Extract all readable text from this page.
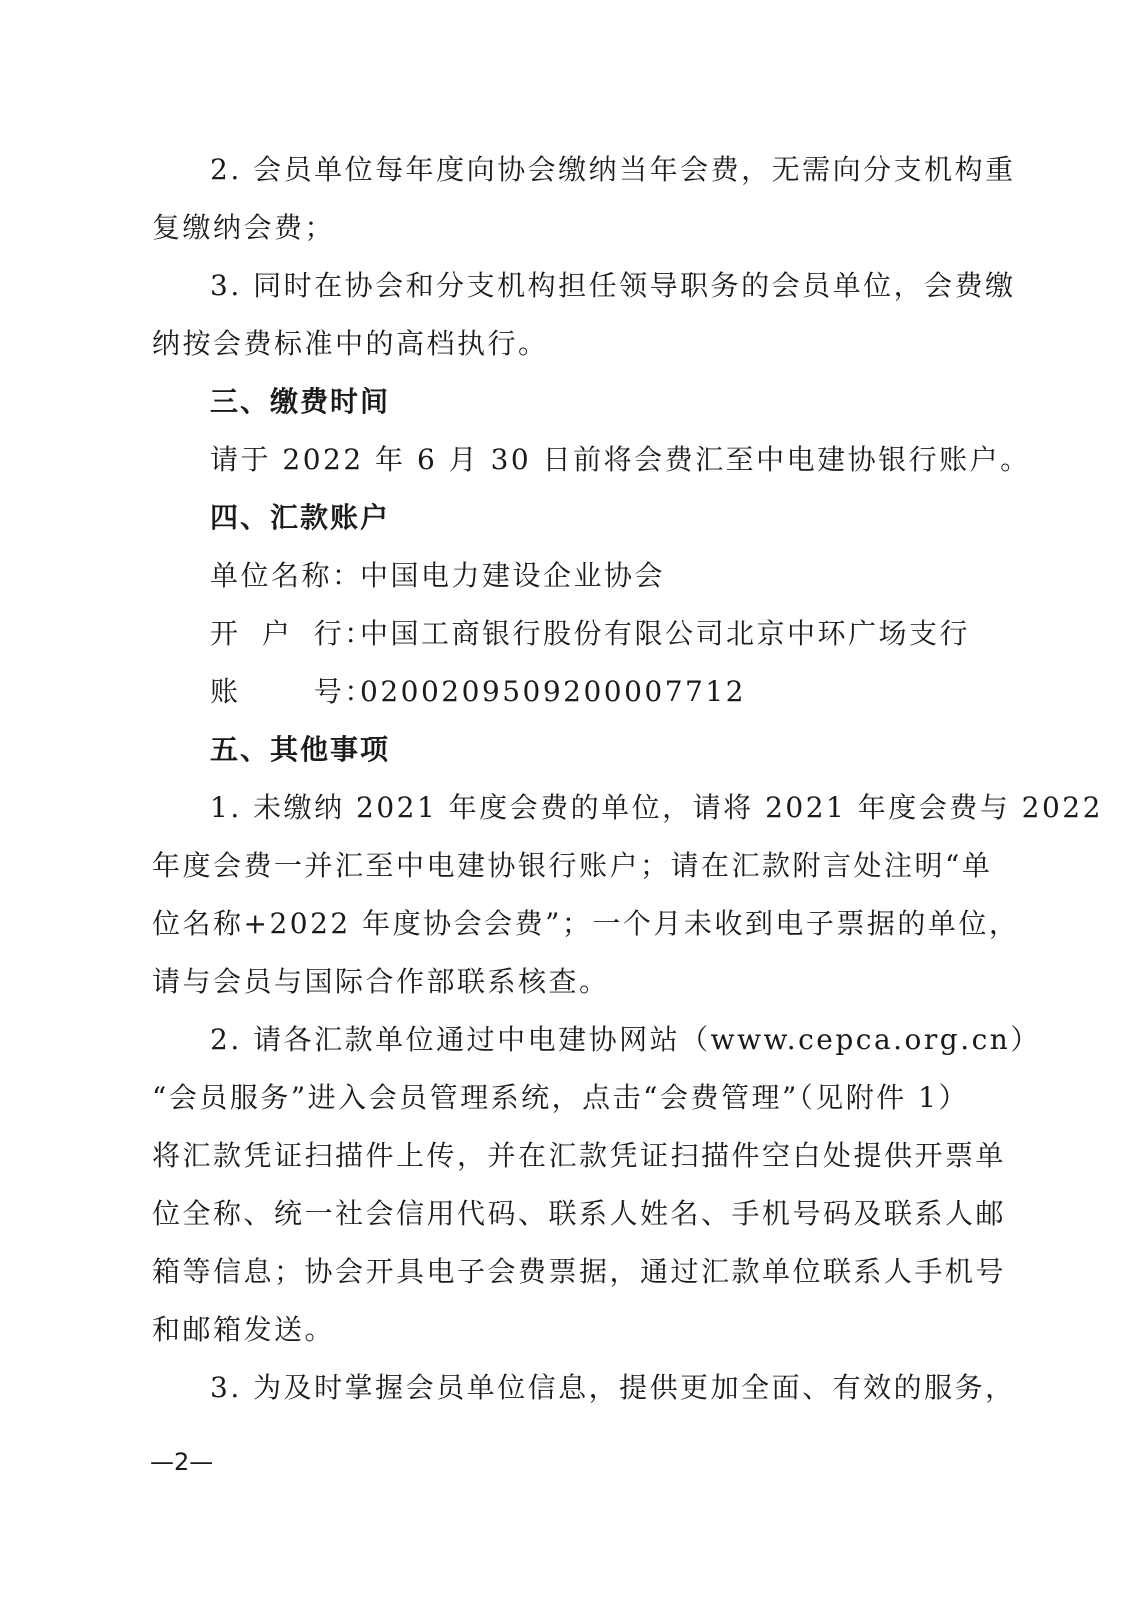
2. 会员单位每年度向协会缴纳当年会费，无需向分支机构重
复缴纳会费；
3. 同时在协会和分支机构担任领导职务的会员单位，会费缴
纳按会费标准中的高档执行。
三、缴费时间
请于 2022 年 6 月 30 日前将会费汇至中电建协银行账户。
四、汇款账户
单位名称：中国电力建设企业协会
开 户 行：中国工商银行股份有限公司北京中环广场支行
账 号：0200209509200007712
五、其他事项
1. 未缴纳 2021 年度会费的单位，请将 2021 年度会费与 2022
年度会费一并汇至中电建协银行账户；请在汇款附言处注明“单
位名称+2022 年度协会会费”；一个月未收到电子票据的单位，
请与会员与国际合作部联系核查。
2. 请各汇款单位通过中电建协网站（www.cepca.org.cn）
“会员服务”进入会员管理系统，点击“会费管理”（见附件 1）
将汇款凭证扫描件上传，并在汇款凭证扫描件空白处提供开票单
位全称、统一社会信用代码、联系人姓名、手机号码及联系人邮
箱等信息；协会开具电子会费票据，通过汇款单位联系人手机号
和邮箱发送。
3. 为及时掌握会员单位信息，提供更加全面、有效的服务，
—2—
